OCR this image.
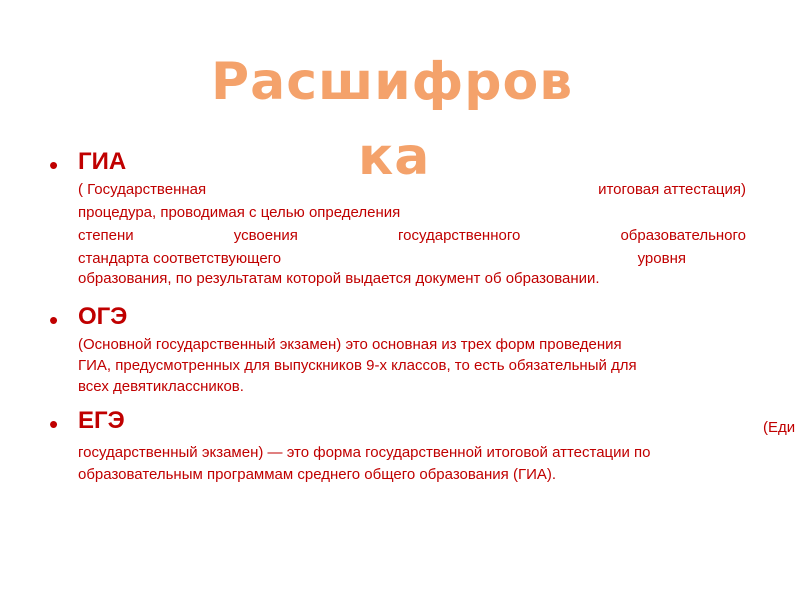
Расшифров
ка
• ГИА
( Государственная	итоговая аттестация)
процедура, проводимая с целью определения
степени	усвоения	государственного	образовательного
стандарта соответствующего	уровня
образования, по результатам которой выдается документ об образовании.
• ОГЭ
(Основной государственный экзамен) это основная из трех форм проведения
ГИА, предусмотренных для выпускников 9-х классов, то есть обязательный для
всех девятиклассников.
• ЕГЭ	(Еди
государственный экзамен) — это форма государственной итоговой аттестации по
образовательным программам среднего общего образования (ГИА).
